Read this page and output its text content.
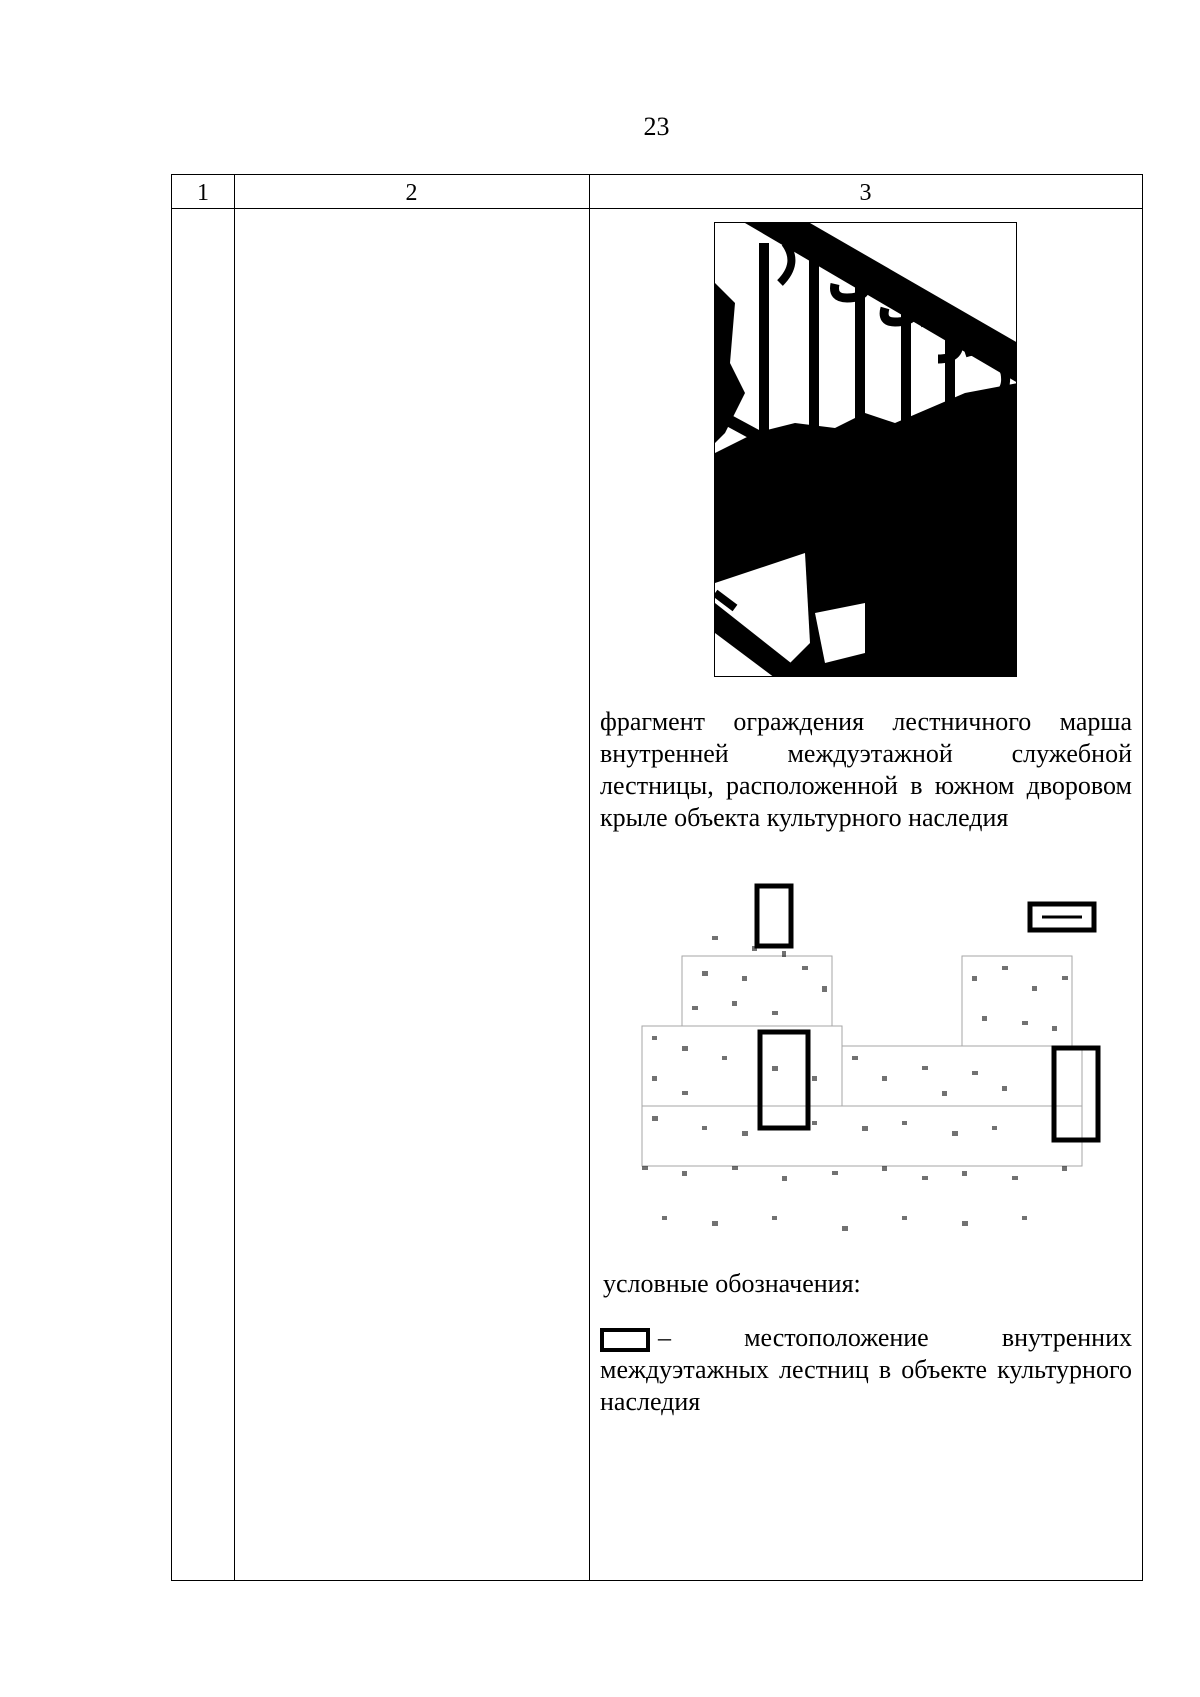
23
1	2	3
фрагмент ограждения лестничного марша внутренней междуэтажной служебной лестницы, расположенной в южном дворовом крыле объекта культурного наследия
условные обозначения:
–	местоположение	внутренних
междуэтажных лестниц в объекте культурного наследия
